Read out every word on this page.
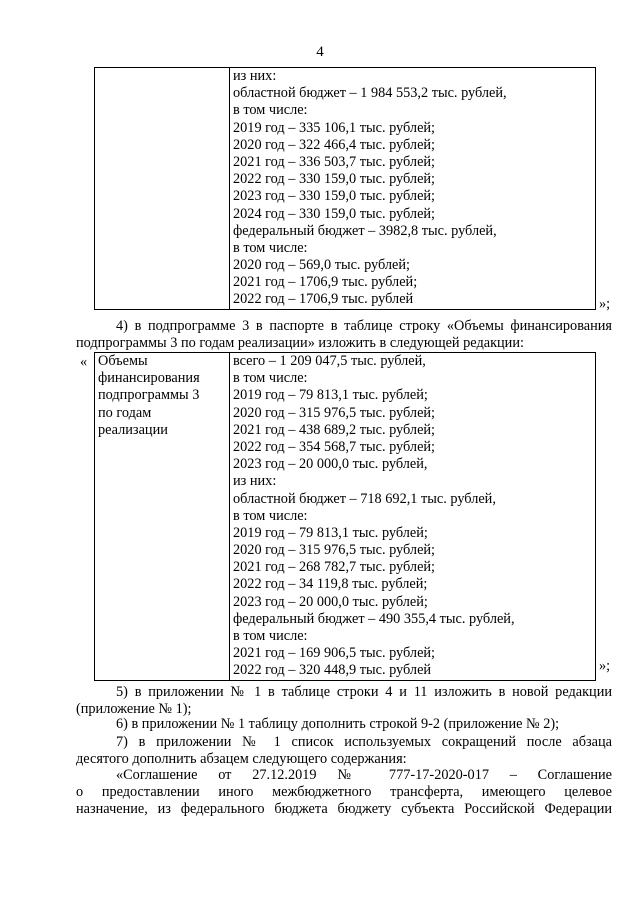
4

из них:
областной бюджет – 1 984 553,2 тыс. рублей,
в том числе:
2019 год – 335 106,1 тыс. рублей;
2020 год – 322 466,4 тыс. рублей;
2021 год – 336 503,7 тыс. рублей;
2022 год – 330 159,0 тыс. рублей;
2023 год – 330 159,0 тыс. рублей;
2024 год – 330 159,0 тыс. рублей;
федеральный бюджет – 3982,8 тыс. рублей,
в том числе:
2020 год – 569,0 тыс. рублей;
2021 год – 1706,9 тыс. рублей;
2022 год – 1706,9 тыс. рублей	»;
4) в подпрограмме 3 в паспорте в таблице строку «Объемы финансирования
подпрограммы 3 по годам реализации» изложить в следующей редакции:
« Объемы
финансирования
подпрограммы 3
по годам
реализации

всего – 1 209 047,5 тыс. рублей,
в том числе:
2019 год – 79 813,1 тыс. рублей;
2020 год – 315 976,5 тыс. рублей;
2021 год – 438 689,2 тыс. рублей;
2022 год – 354 568,7 тыс. рублей;
2023 год – 20 000,0 тыс. рублей,
из них:
областной бюджет – 718 692,1 тыс. рублей,
в том числе:
2019 год – 79 813,1 тыс. рублей;
2020 год – 315 976,5 тыс. рублей;
2021 год – 268 782,7 тыс. рублей;
2022 год – 34 119,8 тыс. рублей;
2023 год – 20 000,0 тыс. рублей;
федеральный бюджет – 490 355,4 тыс. рублей,
в том числе:
2021 год – 169 906,5 тыс. рублей;
2022 год – 320 448,9 тыс. рублей	»;
5) в приложении № 1 в таблице строки 4 и 11 изложить в новой редакции
(приложение № 1);
6) в приложении № 1 таблицу дополнить строкой 9-2 (приложение № 2);
7) в приложении № 1 список используемых сокращений после абзаца
десятого дополнить абзацем следующего содержания:
«Соглашение от 27.12.2019 № 777-17-2020-017 – Соглашение
о предоставлении иного межбюджетного трансферта, имеющего целевое
назначение, из федерального бюджета бюджету субъекта Российской Федерации
